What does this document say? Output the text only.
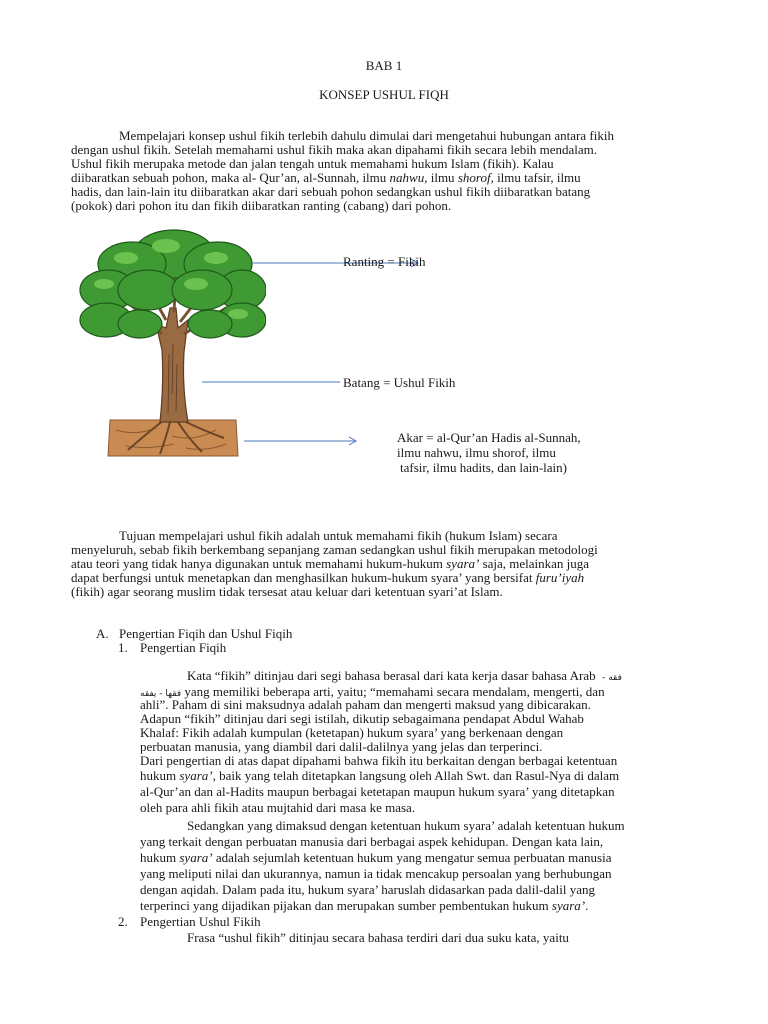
BAB 1
KONSEP USHUL FIQH
Mempelajari konsep ushul fikih terlebih dahulu dimulai dari mengetahui hubungan antara fikih
dengan ushul fikih. Setelah memahami ushul fikih maka akan dipahami fikih secara lebih mendalam.
Ushul fikih merupaka metode dan jalan tengah untuk memahami hukum Islam (fikih). Kalau
diibaratkan sebuah pohon, maka al- Qur’an, al-Sunnah, ilmu nahwu, ilmu shorof, ilmu tafsir, ilmu
hadis, dan lain-lain itu diibaratkan akar dari sebuah pohon sedangkan ushul fikih diibaratkan batang
(pokok) dari pohon itu dan fikih diibaratkan ranting (cabang) dari pohon.
Ranting = Fikih
Batang = Ushul Fikih
Akar = al-Qur’an Hadis al-Sunnah,
ilmu nahwu, ilmu shorof, ilmu
tafsir, ilmu hadits, dan lain-lain)
Tujuan mempelajari ushul fikih adalah untuk memahami fikih (hukum Islam) secara
menyeluruh, sebab fikih berkembang sepanjang zaman sedangkan ushul fikih merupakan metodologi
atau teori yang tidak hanya digunakan untuk memahami hukum-hukum syara’ saja, melainkan juga
dapat berfungsi untuk menetapkan dan menghasilkan hukum-hukum syara’ yang bersifat furu’iyah
(fikih) agar seorang muslim tidak tersesat atau keluar dari ketentuan syari’at Islam.
A. Pengertian Fiqih dan Ushul Fiqih
1. Pengertian Fiqih
Kata “fikih” ditinjau dari segi bahasa berasal dari kata kerja dasar bahasa Arab - فقه
فقها - يفقه yang memiliki beberapa arti, yaitu; “memahami secara mendalam, mengerti, dan
ahli”. Paham di sini maksudnya adalah paham dan mengerti maksud yang dibicarakan.
Adapun “fikih” ditinjau dari segi istilah, dikutip sebagaimana pendapat Abdul Wahab
Khalaf: Fikih adalah kumpulan (ketetapan) hukum syara’ yang berkenaan dengan
perbuatan manusia, yang diambil dari dalil-dalilnya yang jelas dan terperinci.
Dari pengertian di atas dapat dipahami bahwa fikih itu berkaitan dengan berbagai ketentuan
hukum syara’, baik yang telah ditetapkan langsung oleh Allah Swt. dan Rasul-Nya di dalam
al-Qur’an dan al-Hadits maupun berbagai ketetapan maupun hukum syara’ yang ditetapkan
oleh para ahli fikih atau mujtahid dari masa ke masa.
Sedangkan yang dimaksud dengan ketentuan hukum syara’ adalah ketentuan hukum
yang terkait dengan perbuatan manusia dari berbagai aspek kehidupan. Dengan kata lain,
hukum syara’ adalah sejumlah ketentuan hukum yang mengatur semua perbuatan manusia
yang meliputi nilai dan ukurannya, namun ia tidak mencakup persoalan yang berhubungan
dengan aqidah. Dalam pada itu, hukum syara’ haruslah didasarkan pada dalil-dalil yang
terperinci yang dijadikan pijakan dan merupakan sumber pembentukan hukum syara’.
2. Pengertian Ushul Fikih
Frasa “ushul fikih” ditinjau secara bahasa terdiri dari dua suku kata, yaitu
